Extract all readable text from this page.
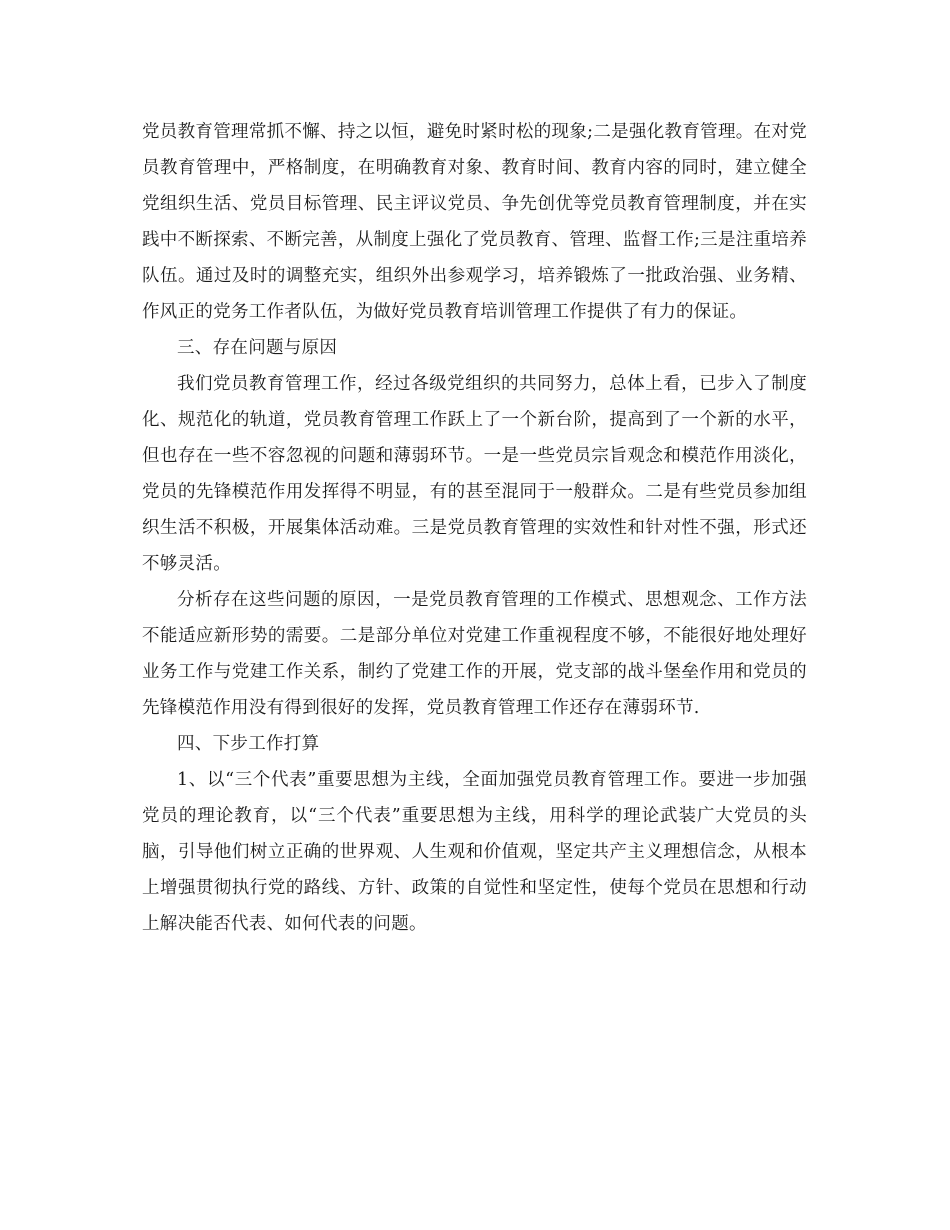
党员教育管理常抓不懈、持之以恒，避免时紧时松的现象;二是强化教育管理。在对党员教育管理中，严格制度，在明确教育对象、教育时间、教育内容的同时，建立健全党组织生活、党员目标管理、民主评议党员、争先创优等党员教育管理制度，并在实践中不断探索、不断完善，从制度上强化了党员教育、管理、监督工作;三是注重培养队伍。通过及时的调整充实，组织外出参观学习，培养锻炼了一批政治强、业务精、作风正的党务工作者队伍，为做好党员教育培训管理工作提供了有力的保证。

三、存在问题与原因

我们党员教育管理工作，经过各级党组织的共同努力，总体上看，已步入了制度化、规范化的轨道，党员教育管理工作跃上了一个新台阶，提高到了一个新的水平，但也存在一些不容忽视的问题和薄弱环节。一是一些党员宗旨观念和模范作用淡化，党员的先锋模范作用发挥得不明显，有的甚至混同于一般群众。二是有些党员参加组织生活不积极，开展集体活动难。三是党员教育管理的实效性和针对性不强，形式还不够灵活。

分析存在这些问题的原因，一是党员教育管理的工作模式、思想观念、工作方法不能适应新形势的需要。二是部分单位对党建工作重视程度不够，不能很好地处理好业务工作与党建工作关系，制约了党建工作的开展，党支部的战斗堡垒作用和党员的先锋模范作用没有得到很好的发挥，党员教育管理工作还存在薄弱环节.

四、下步工作打算

1、以“三个代表”重要思想为主线，全面加强党员教育管理工作。要进一步加强党员的理论教育，以“三个代表”重要思想为主线，用科学的理论武装广大党员的头脑，引导他们树立正确的世界观、人生观和价值观，坚定共产主义理想信念，从根本上增强贯彻执行党的路线、方针、政策的自觉性和坚定性，使每个党员在思想和行动上解决能否代表、如何代表的问题。
